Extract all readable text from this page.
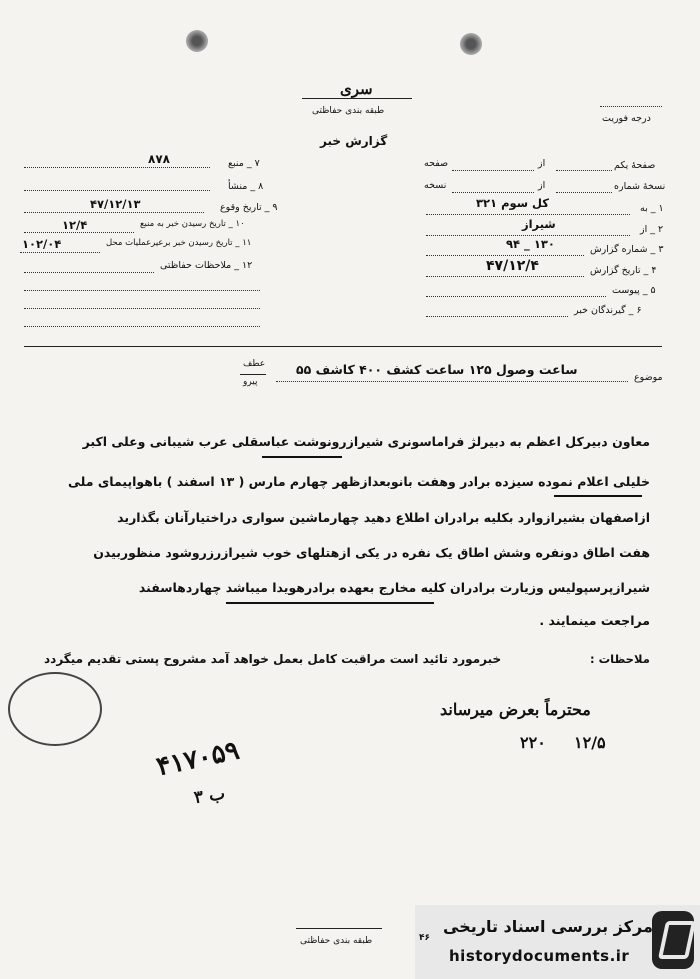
سری
طبقه بندی حفاظتی
گزارش خبر
درجه فوریت
۸۷۸	۷ _ منبع
۸ _ منشأ
۴۷/۱۲/۱۳	۹ _ تاریخ وقوع
۱۲/۴	۱۰ _ تاریخ رسیدن خبر به منبع
۱۰۲/۰۴	۱۱ _ تاریخ رسیدن خبر برعیرعملیات محل
۱۲ _ ملاحظات حفاظتی
صفحهٔ یکم
از
صفحه
نسخهٔ شماره
از
نسخه
۱ _ به
کل سوم ۳۲۱
۲ _ از
شیراز
۳ _ شماره گزارش
۱۳۰ _ ۹۴
۴ _ تاریخ گزارش
۴۷/۱۲/۴
۵ _ پیوست
۶ _ گیرندگان خبر
موضوع
ساعت وصول ۱۲۵ ساعت کشف ۴۰۰ کاشف ۵۵
عطف
پیرو
معاون دبیرکل اعظم به دبیرلژ فراماسونری شیرازرونوشت عباسقلی عرب شیبانی وعلی اکبر
خلیلی اعلام نموده سیزده برادر وهفت بانوبعدازظهر چهارم مارس ( ۱۳ اسفند ) باهواپیمای ملی
ازاصفهان بشیرازوارد بکلیه برادران اطلاع دهید چهارماشین سواری دراختیارآنان بگذارید
هفت اطاق دونفره وشش اطاق یک نفره در یکی ازهتلهای خوب شیرازرزروشود منظوربیدن
شیرازپرسپولیس وزیارت برادران کلیه مخارج بعهده برادرهویدا میباشد چهاردهاسفند
مراجعت مینمایند .
ملاحظات :
خبرمورد تائید است مراقبت کامل بعمل خواهد آمد مشروح پستی تقدیم میگردد
محترماً بعرض میرساند
۲۲۰ ۱۲/۵
۴۱۷۰۵۹
۳ ب
طبقه بندی حفاظتی	۴۶
مرکز بررسی اسناد تاریخی
historydocuments.ir
